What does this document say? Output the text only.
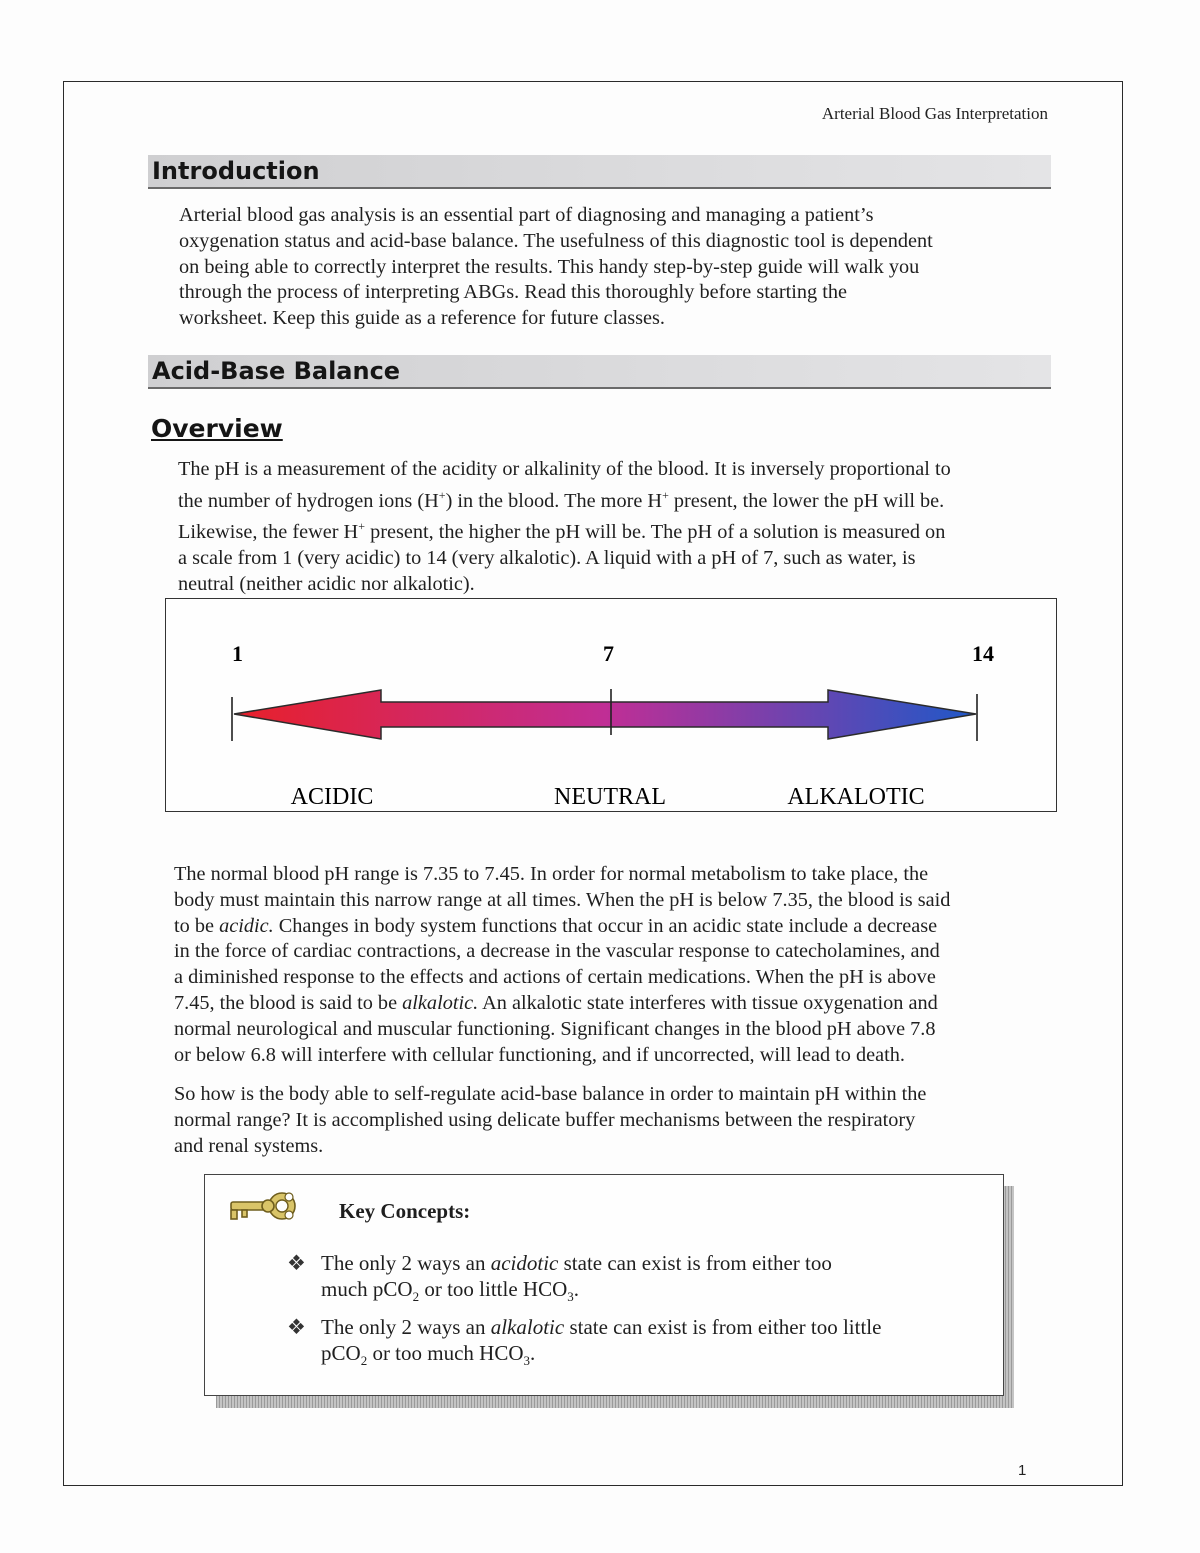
Arterial Blood Gas Interpretation
Introduction

Arterial blood gas analysis is an essential part of diagnosing and managing a patient’s
oxygenation status and acid-base balance. The usefulness of this diagnostic tool is dependent
on being able to correctly interpret the results. This handy step-by-step guide will walk you
through the process of interpreting ABGs. Read this thoroughly before starting the
worksheet. Keep this guide as a reference for future classes.

Acid-Base Balance
Overview

The pH is a measurement of the acidity or alkalinity of the blood. It is inversely proportional to
the number of hydrogen ions (H+) in the blood. The more H+ present, the lower the pH will be.
Likewise, the fewer H+ present, the higher the pH will be. The pH of a solution is measured on
a scale from 1 (very acidic) to 14 (very alkalotic). A liquid with a pH of 7, such as water, is
neutral (neither acidic nor alkalotic).

1	7	14
ACIDIC	NEUTRAL	ALKALOTIC

The normal blood pH range is 7.35 to 7.45. In order for normal metabolism to take place, the
body must maintain this narrow range at all times. When the pH is below 7.35, the blood is said
to be acidic. Changes in body system functions that occur in an acidic state include a decrease
in the force of cardiac contractions, a decrease in the vascular response to catecholamines, and
a diminished response to the effects and actions of certain medications. When the pH is above
7.45, the blood is said to be alkalotic. An alkalotic state interferes with tissue oxygenation and
normal neurological and muscular functioning. Significant changes in the blood pH above 7.8
or below 6.8 will interfere with cellular functioning, and if uncorrected, will lead to death.

So how is the body able to self-regulate acid-base balance in order to maintain pH within the
normal range? It is accomplished using delicate buffer mechanisms between the respiratory
and renal systems.

Key Concepts:
❖ The only 2 ways an acidotic state can exist is from either too
much pCO$_2$ or too little $HCO_3$.

❖ The only 2 ways an alkalotic state can exist is from either too little
pCO$_2$ or too much $HCO_3$.

1
